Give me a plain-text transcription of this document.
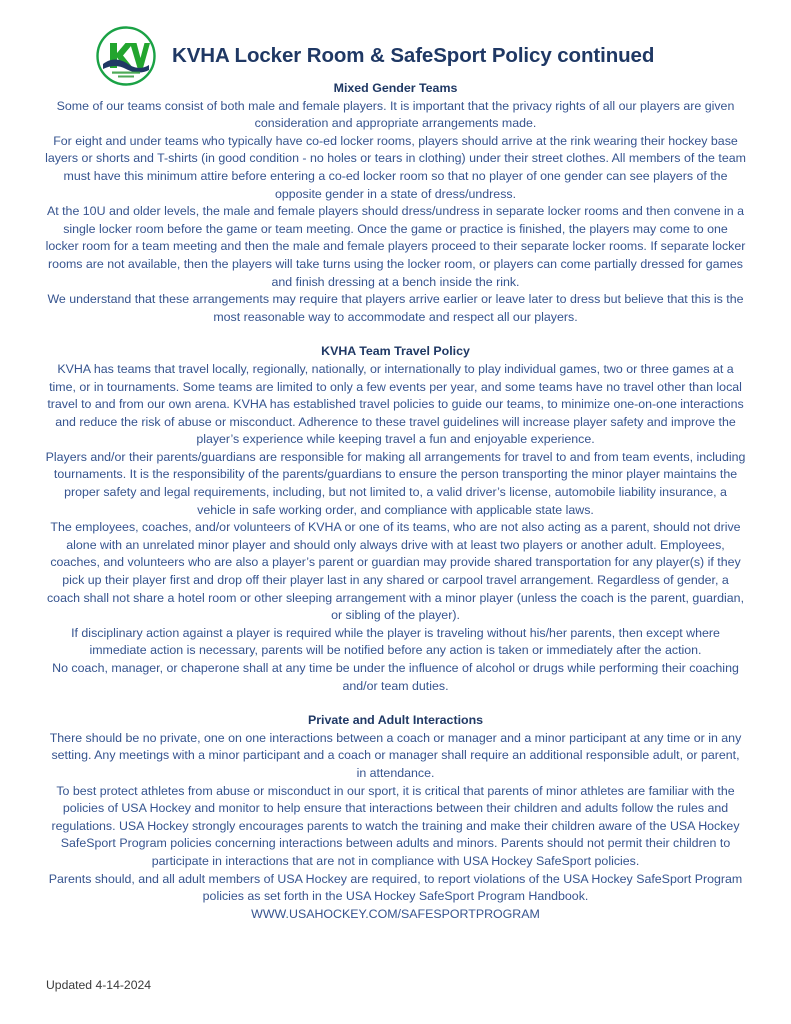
KVHA Locker Room & SafeSport Policy continued
Mixed Gender Teams

Some of our teams consist of both male and female players. It is important that the privacy rights of all our players are given consideration and appropriate arrangements made.

For eight and under teams who typically have co-ed locker rooms, players should arrive at the rink wearing their hockey base layers or shorts and T-shirts (in good condition - no holes or tears in clothing) under their street clothes. All members of the team must have this minimum attire before entering a co-ed locker room so that no player of one gender can see players of the opposite gender in a state of dress/undress.

At the 10U and older levels, the male and female players should dress/undress in separate locker rooms and then convene in a single locker room before the game or team meeting. Once the game or practice is finished, the players may come to one locker room for a team meeting and then the male and female players proceed to their separate locker rooms. If separate locker rooms are not available, then the players will take turns using the locker room, or players can come partially dressed for games and finish dressing at a bench inside the rink.

We understand that these arrangements may require that players arrive earlier or leave later to dress but believe that this is the most reasonable way to accommodate and respect all our players.

KVHA Team Travel Policy

KVHA has teams that travel locally, regionally, nationally, or internationally to play individual games, two or three games at a time, or in tournaments. Some teams are limited to only a few events per year, and some teams have no travel other than local travel to and from our own arena. KVHA has established travel policies to guide our teams, to minimize one-on-one interactions and reduce the risk of abuse or misconduct. Adherence to these travel guidelines will increase player safety and improve the player’s experience while keeping travel a fun and enjoyable experience.

Players and/or their parents/guardians are responsible for making all arrangements for travel to and from team events, including tournaments. It is the responsibility of the parents/guardians to ensure the person transporting the minor player maintains the proper safety and legal requirements, including, but not limited to, a valid driver’s license, automobile liability insurance, a vehicle in safe working order, and compliance with applicable state laws.

The employees, coaches, and/or volunteers of KVHA or one of its teams, who are not also acting as a parent, should not drive alone with an unrelated minor player and should only always drive with at least two players or another adult. Employees, coaches, and volunteers who are also a player’s parent or guardian may provide shared transportation for any player(s) if they pick up their player first and drop off their player last in any shared or carpool travel arrangement. Regardless of gender, a coach shall not share a hotel room or other sleeping arrangement with a minor player (unless the coach is the parent, guardian, or sibling of the player).

If disciplinary action against a player is required while the player is traveling without his/her parents, then except where immediate action is necessary, parents will be notified before any action is taken or immediately after the action.

No coach, manager, or chaperone shall at any time be under the influence of alcohol or drugs while performing their coaching and/or team duties.

Private and Adult Interactions

There should be no private, one on one interactions between a coach or manager and a minor participant at any time or in any setting. Any meetings with a minor participant and a coach or manager shall require an additional responsible adult, or parent, in attendance.

To best protect athletes from abuse or misconduct in our sport, it is critical that parents of minor athletes are familiar with the policies of USA Hockey and monitor to help ensure that interactions between their children and adults follow the rules and regulations. USA Hockey strongly encourages parents to watch the training and make their children aware of the USA Hockey SafeSport Program policies concerning interactions between adults and minors. Parents should not permit their children to participate in interactions that are not in compliance with USA Hockey SafeSport policies.

Parents should, and all adult members of USA Hockey are required, to report violations of the USA Hockey SafeSport Program policies as set forth in the USA Hockey SafeSport Program Handbook.

WWW.USAHOCKEY.COM/SAFESPORTPROGRAM

Updated 4-14-2024
